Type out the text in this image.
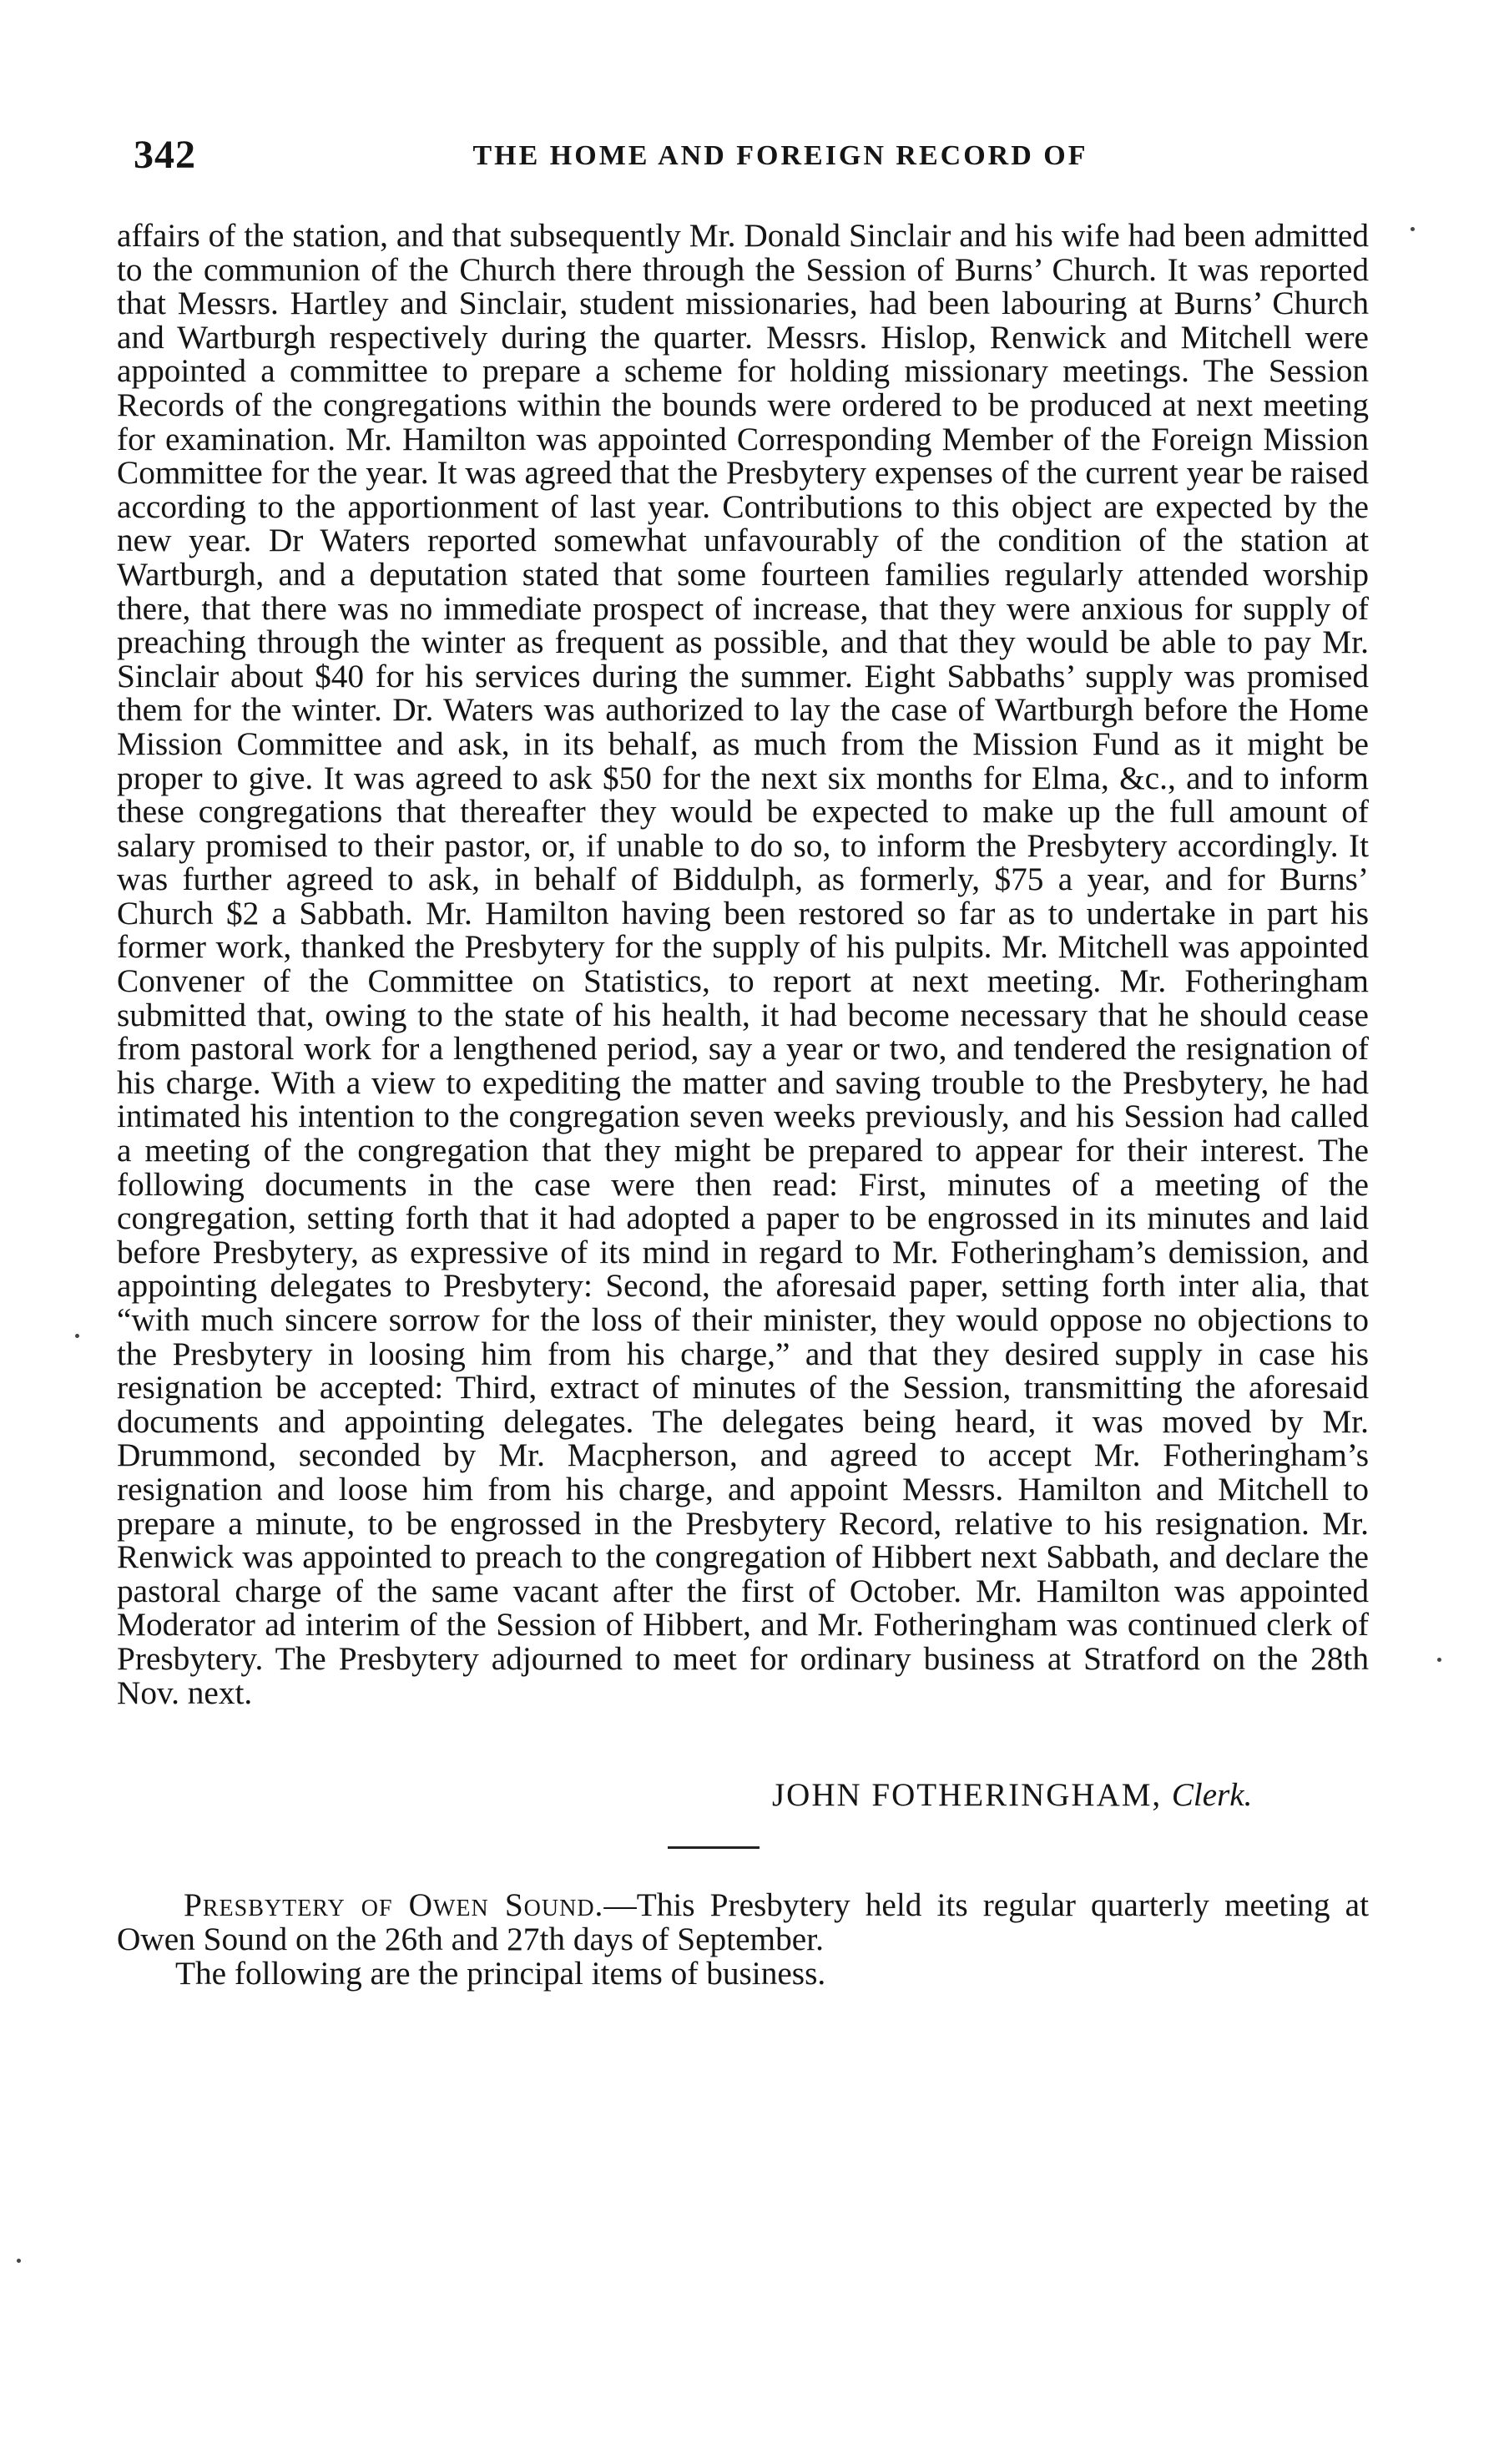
342	THE HOME AND FOREIGN RECORD OF

affairs of the station, and that subsequently Mr. Donald Sinclair and his wife had been admitted to the communion of the Church there through the Session of Burns’ Church. It was reported that Messrs. Hartley and Sinclair, student missionaries, had been labouring at Burns’ Church and Wartburgh respectively during the quarter. Messrs. Hislop, Renwick and Mitchell were appointed a committee to prepare a scheme for holding missionary meetings. The Session Records of the congregations within the bounds were ordered to be produced at next meeting for examination. Mr. Hamilton was appointed Corresponding Member of the Foreign Mission Committee for the year. It was agreed that the Presbytery expenses of the current year be raised according to the apportionment of last year. Contributions to this object are expected by the new year. Dr Waters reported somewhat unfavourably of the condition of the station at Wartburgh, and a deputation stated that some fourteen families regularly attended worship there, that there was no immediate prospect of increase, that they were anxious for supply of preaching through the winter as frequent as possible, and that they would be able to pay Mr. Sinclair about $40 for his services during the summer. Eight Sabbaths’ supply was promised them for the winter. Dr. Waters was authorized to lay the case of Wartburgh before the Home Mission Committee and ask, in its behalf, as much from the Mission Fund as it might be proper to give. It was agreed to ask $50 for the next six months for Elma, &c., and to inform these congregations that thereafter they would be expected to make up the full amount of salary promised to their pastor, or, if unable to do so, to inform the Presbytery accordingly. It was further agreed to ask, in behalf of Biddulph, as formerly, $75 a year, and for Burns’ Church $2 a Sabbath. Mr. Hamilton having been restored so far as to undertake in part his former work, thanked the Presbytery for the supply of his pulpits. Mr. Mitchell was appointed Convener of the Committee on Statistics, to report at next meeting. Mr. Fotheringham submitted that, owing to the state of his health, it had become necessary that he should cease from pastoral work for a lengthened period, say a year or two, and tendered the resignation of his charge. With a view to expediting the matter and saving trouble to the Presbytery, he had intimated his intention to the congregation seven weeks previously, and his Session had called a meeting of the congregation that they might be prepared to appear for their interest. The following documents in the case were then read: First, minutes of a meeting of the congregation, setting forth that it had adopted a paper to be engrossed in its minutes and laid before Presbytery, as expressive of its mind in regard to Mr. Fotheringham’s demission, and appointing delegates to Presbytery: Second, the aforesaid paper, setting forth inter alia, that “with much sincere sorrow for the loss of their minister, they would oppose no objections to the Presbytery in loosing him from his charge,” and that they desired supply in case his resignation be accepted: Third, extract of minutes of the Session, transmitting the aforesaid documents and appointing delegates. The delegates being heard, it was moved by Mr. Drummond, seconded by Mr. Macpherson, and agreed to accept Mr. Fotheringham’s resignation and loose him from his charge, and appoint Messrs. Hamilton and Mitchell to prepare a minute, to be engrossed in the Presbytery Record, relative to his resignation. Mr. Renwick was appointed to preach to the congregation of Hibbert next Sabbath, and declare the pastoral charge of the same vacant after the first of October. Mr. Hamilton was appointed Moderator ad interim of the Session of Hibbert, and Mr. Fotheringham was continued clerk of Presbytery. The Presbytery adjourned to meet for ordinary business at Stratford on the 28th Nov. next.

JOHN FOTHERINGHAM, Clerk.

Presbytery of Owen Sound.—This Presbytery held its regular quarterly meeting at Owen Sound on the 26th and 27th days of September.

The following are the principal items of business.
